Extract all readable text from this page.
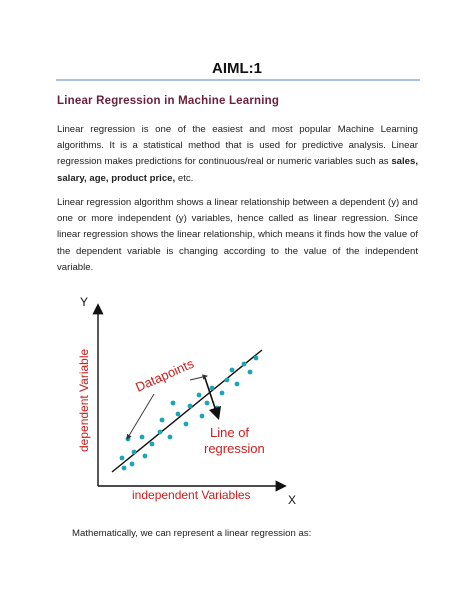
AIML:1
Linear Regression in Machine Learning
Linear regression is one of the easiest and most popular Machine Learning algorithms. It is a statistical method that is used for predictive analysis. Linear regression makes predictions for continuous/real or numeric variables such as sales, salary, age, product price, etc.
Linear regression algorithm shows a linear relationship between a dependent (y) and one or more independent (y) variables, hence called as linear regression. Since linear regression shows the linear relationship, which means it finds how the value of the dependent variable is changing according to the value of the independent variable.
Y
X
dependent Variable
independent Variables
Datapoints
Line of
regression
Mathematically, we can represent a linear regression as:
